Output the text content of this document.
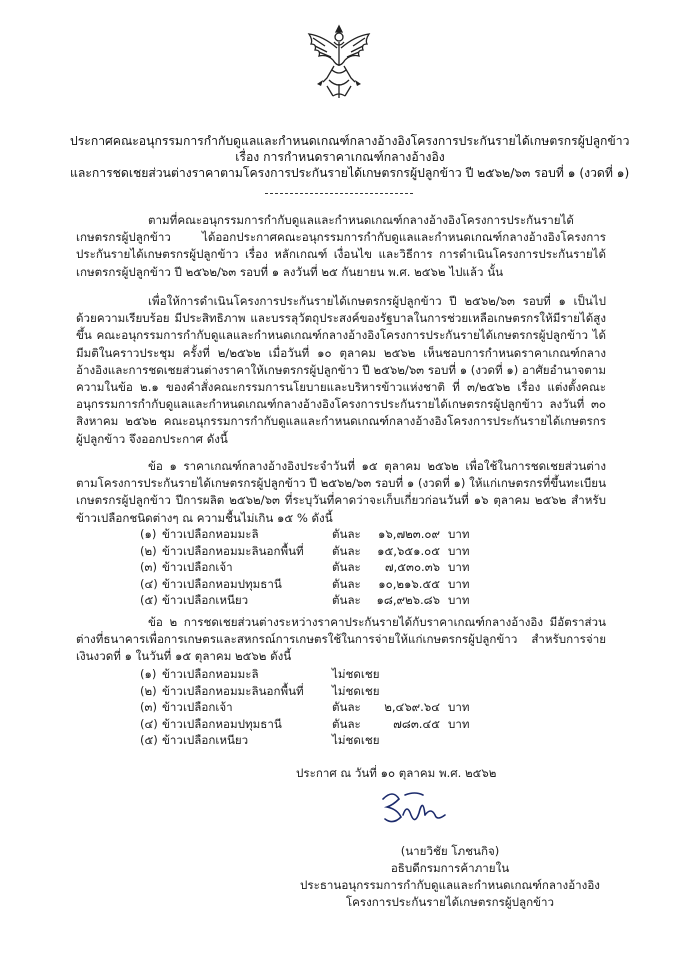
ประกาศคณะอนุกรรมการกำกับดูแลและกำหนดเกณฑ์กลางอ้างอิงโครงการประกันรายได้เกษตรกรผู้ปลูกข้าว
เรื่อง การกำหนดราคาเกณฑ์กลางอ้างอิง
และการชดเชยส่วนต่างราคาตามโครงการประกันรายได้เกษตรกรผู้ปลูกข้าว ปี ๒๕๖๒/๖๓ รอบที่ ๑ (งวดที่ ๑)

ตามที่คณะอนุกรรมการกำกับดูแลและกำหนดเกณฑ์กลางอ้างอิงโครงการประกันรายได้เกษตรกรผู้ปลูกข้าว ได้ออกประกาศคณะอนุกรรมการกำกับดูแลและกำหนดเกณฑ์กลางอ้างอิงโครงการประกันรายได้เกษตรกรผู้ปลูกข้าว เรื่อง หลักเกณฑ์ เงื่อนไข และวิธีการ การดำเนินโครงการประกันรายได้เกษตรกรผู้ปลูกข้าว ปี ๒๕๖๒/๖๓ รอบที่ ๑ ลงวันที่ ๒๕ กันยายน พ.ศ. ๒๕๖๒ ไปแล้ว นั้น

เพื่อให้การดำเนินโครงการประกันรายได้เกษตรกรผู้ปลูกข้าว ปี ๒๕๖๒/๖๓ รอบที่ ๑ เป็นไปด้วยความเรียบร้อย มีประสิทธิภาพ และบรรลุวัตถุประสงค์ของรัฐบาลในการช่วยเหลือเกษตรกรให้มีรายได้สูงขึ้น คณะอนุกรรมการกำกับดูแลและกำหนดเกณฑ์กลางอ้างอิงโครงการประกันรายได้เกษตรกรผู้ปลูกข้าว ได้มีมติในคราวประชุม ครั้งที่ ๒/๒๕๖๒ เมื่อวันที่ ๑๐ ตุลาคม ๒๕๖๒ เห็นชอบการกำหนดราคาเกณฑ์กลางอ้างอิงและการชดเชยส่วนต่างราคาให้เกษตรกรผู้ปลูกข้าว ปี ๒๕๖๒/๖๓ รอบที่ ๑ (งวดที่ ๑) อาศัยอำนาจตามความในข้อ ๒.๑ ของคำสั่งคณะกรรมการนโยบายและบริหารข้าวแห่งชาติ ที่ ๓/๒๕๖๒ เรื่อง แต่งตั้งคณะอนุกรรมการกำกับดูแลและกำหนดเกณฑ์กลางอ้างอิงโครงการประกันรายได้เกษตรกรผู้ปลูกข้าว ลงวันที่ ๓๐ สิงหาคม ๒๕๖๒ คณะอนุกรรมการกำกับดูแลและกำหนดเกณฑ์กลางอ้างอิงโครงการประกันรายได้เกษตรกรผู้ปลูกข้าว จึงออกประกาศ ดังนี้

ข้อ ๑ ราคาเกณฑ์กลางอ้างอิงประจำวันที่ ๑๕ ตุลาคม ๒๕๖๒ เพื่อใช้ในการชดเชยส่วนต่างตามโครงการประกันรายได้เกษตรกรผู้ปลูกข้าว ปี ๒๕๖๒/๖๓ รอบที่ ๑ (งวดที่ ๑) ให้แก่เกษตรกรที่ขึ้นทะเบียนเกษตรกรผู้ปลูกข้าว ปีการผลิต ๒๕๖๒/๖๓ ที่ระบุวันที่คาดว่าจะเก็บเกี่ยวก่อนวันที่ ๑๖ ตุลาคม ๒๕๖๒ สำหรับข้าวเปลือกชนิดต่างๆ ณ ความชื้นไม่เกิน ๑๕ % ดังนี้

(๑) ข้าวเปลือกหอมมะลิ	ตันละ	๑๖,๗๒๓.๐๙ บาท
(๒) ข้าวเปลือกหอมมะลินอกพื้นที่	ตันละ	๑๕,๖๕๑.๐๕ บาท
(๓) ข้าวเปลือกเจ้า	ตันละ	๗,๕๓๐.๓๖ บาท
(๔) ข้าวเปลือกหอมปทุมธานี	ตันละ	๑๐,๒๑๖.๕๕ บาท
(๕) ข้าวเปลือกเหนียว	ตันละ	๑๘,๙๒๖.๘๖ บาท

ข้อ ๒ การชดเชยส่วนต่างระหว่างราคาประกันรายได้กับราคาเกณฑ์กลางอ้างอิง มีอัตราส่วนต่างที่ธนาคารเพื่อการเกษตรและสหกรณ์การเกษตรใช้ในการจ่ายให้แก่เกษตรกรผู้ปลูกข้าว สำหรับการจ่ายเงินงวดที่ ๑ ในวันที่ ๑๕ ตุลาคม ๒๕๖๒ ดังนี้

(๑) ข้าวเปลือกหอมมะลิ	ไม่ชดเชย
(๒) ข้าวเปลือกหอมมะลินอกพื้นที่	ไม่ชดเชย
(๓) ข้าวเปลือกเจ้า	ตันละ	๒,๔๖๙.๖๔ บาท
(๔) ข้าวเปลือกหอมปทุมธานี	ตันละ	๗๘๓.๔๕ บาท
(๕) ข้าวเปลือกเหนียว	ไม่ชดเชย
ประกาศ ณ วันที่ ๑๐ ตุลาคม พ.ศ. ๒๕๖๒
(นายวิชัย โภชนกิจ)
อธิบดีกรมการค้าภายใน
ประธานอนุกรรมการกำกับดูแลและกำหนดเกณฑ์กลางอ้างอิง
โครงการประกันรายได้เกษตรกรผู้ปลูกข้าว
